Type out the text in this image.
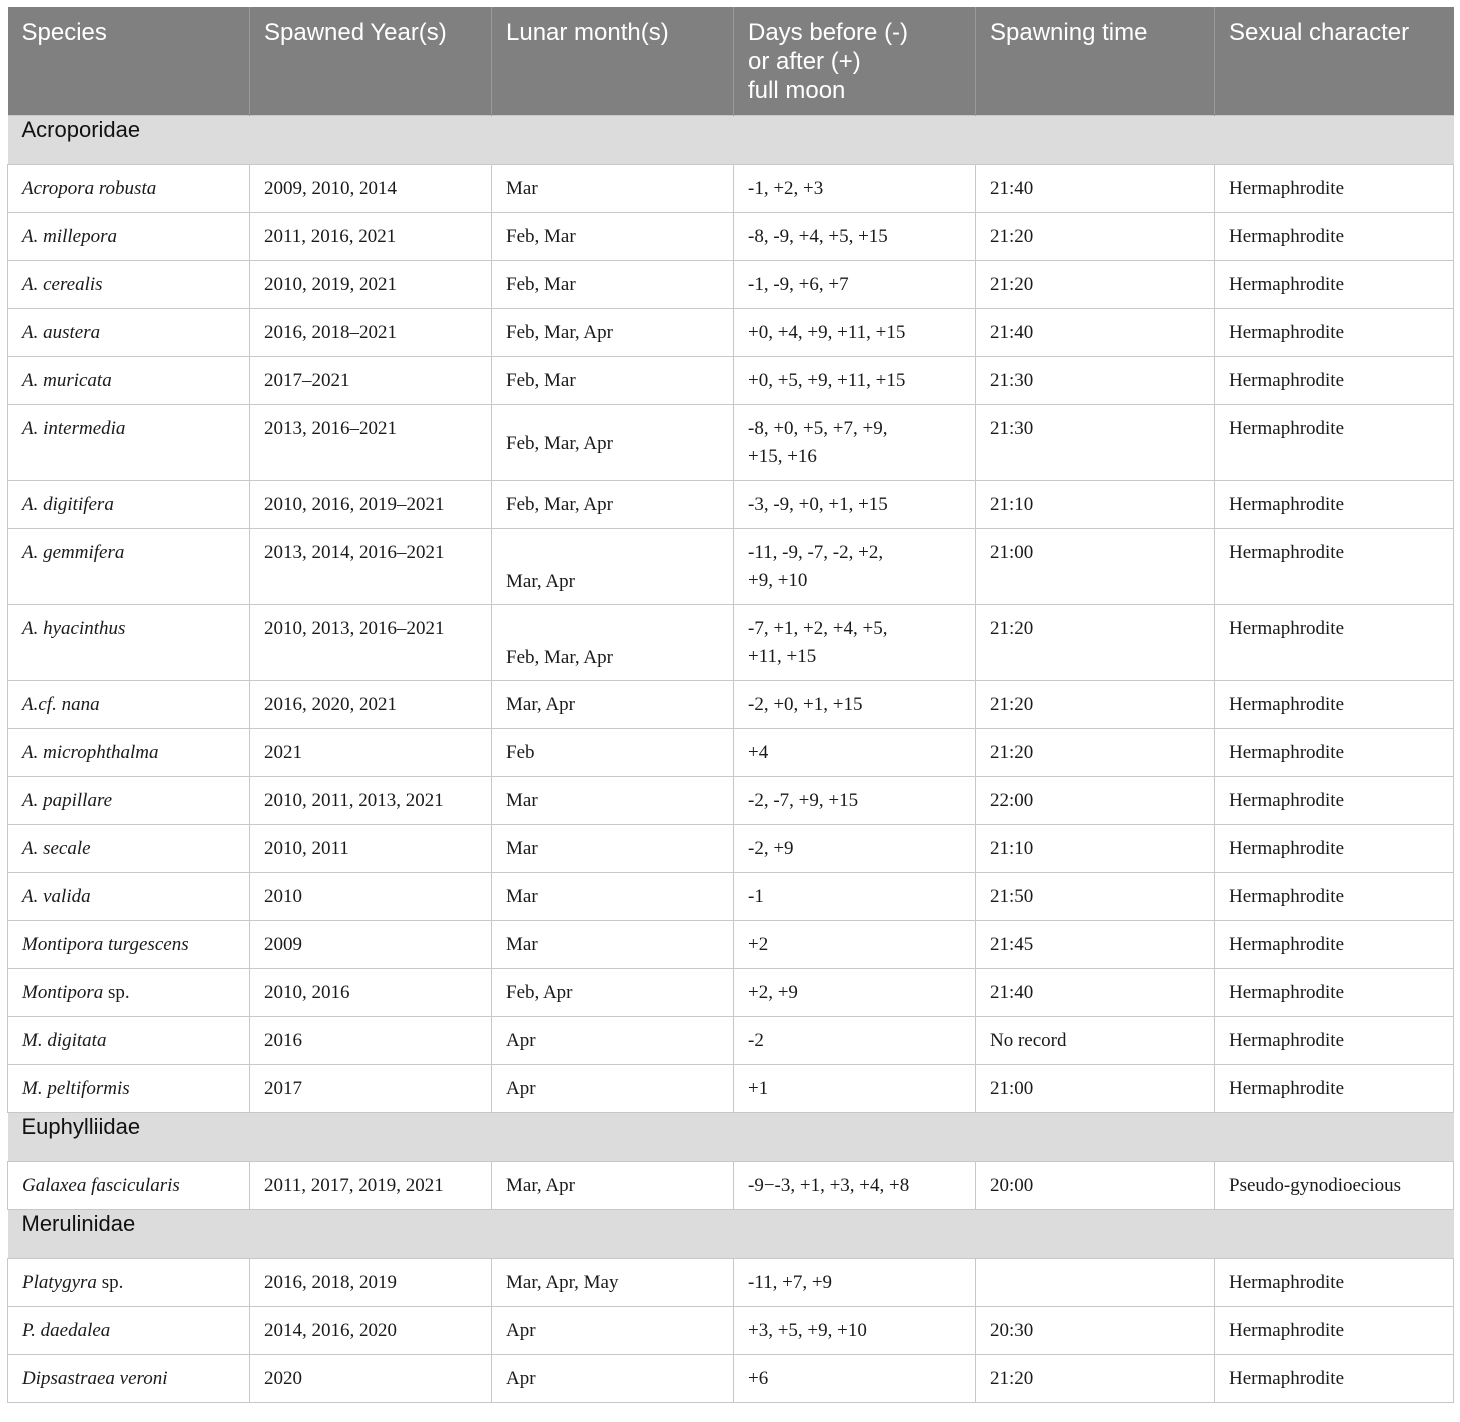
Species	Spawned Year(s)	Lunar month(s)	Days before (-)
or after (+)
full moon	Spawning time	Sexual character
Acroporidae					
Acropora robusta	2009, 2010, 2014	Mar	-1, +2, +3	21:40	Hermaphrodite
A. millepora	2011, 2016, 2021	Feb, Mar	-8, -9, +4, +5, +15	21:20	Hermaphrodite
A. cerealis	2010, 2019, 2021	Feb, Mar	-1, -9, +6, +7	21:20	Hermaphrodite
A. austera	2016, 2018–2021	Feb, Mar, Apr	+0, +4, +9, +11, +15	21:40	Hermaphrodite
A. muricata	2017–2021	Feb, Mar	+0, +5, +9, +11, +15	21:30	Hermaphrodite
A. intermedia	2013, 2016–2021	Feb, Mar, Apr	-8, +0, +5, +7, +9,
+15, +16	21:30	Hermaphrodite
A. digitifera	2010, 2016, 2019–2021	Feb, Mar, Apr	-3, -9, +0, +1, +15	21:10	Hermaphrodite
A. gemmifera	2013, 2014, 2016–2021	Mar, Apr	-11, -9, -7, -2, +2,
+9, +10	21:00	Hermaphrodite
A. hyacinthus	2010, 2013, 2016–2021	Feb, Mar, Apr	-7, +1, +2, +4, +5,
+11, +15	21:20	Hermaphrodite
A.cf. nana	2016, 2020, 2021	Mar, Apr	-2, +0, +1, +15	21:20	Hermaphrodite
A. microphthalma	2021	Feb	+4	21:20	Hermaphrodite
A. papillare	2010, 2011, 2013, 2021	Mar	-2, -7, +9, +15	22:00	Hermaphrodite
A. secale	2010, 2011	Mar	-2, +9	21:10	Hermaphrodite
A. valida	2010	Mar	-1	21:50	Hermaphrodite
Montipora turgescens	2009	Mar	+2	21:45	Hermaphrodite
Montipora sp.	2010, 2016	Feb, Apr	+2, +9	21:40	Hermaphrodite
M. digitata	2016	Apr	-2	No record	Hermaphrodite
M. peltiformis	2017	Apr	+1	21:00	Hermaphrodite
Euphylliidae					
Galaxea fascicularis	2011, 2017, 2019, 2021	Mar, Apr	-9−-3, +1, +3, +4, +8	20:00	Pseudo-gynodioecious
Merulinidae					
Platygyra sp.	2016, 2018, 2019	Mar, Apr, May	-11, +7, +9		Hermaphrodite
P. daedalea	2014, 2016, 2020	Apr	+3, +5, +9, +10	20:30	Hermaphrodite
Dipsastraea veroni	2020	Apr	+6	21:20	Hermaphrodite
